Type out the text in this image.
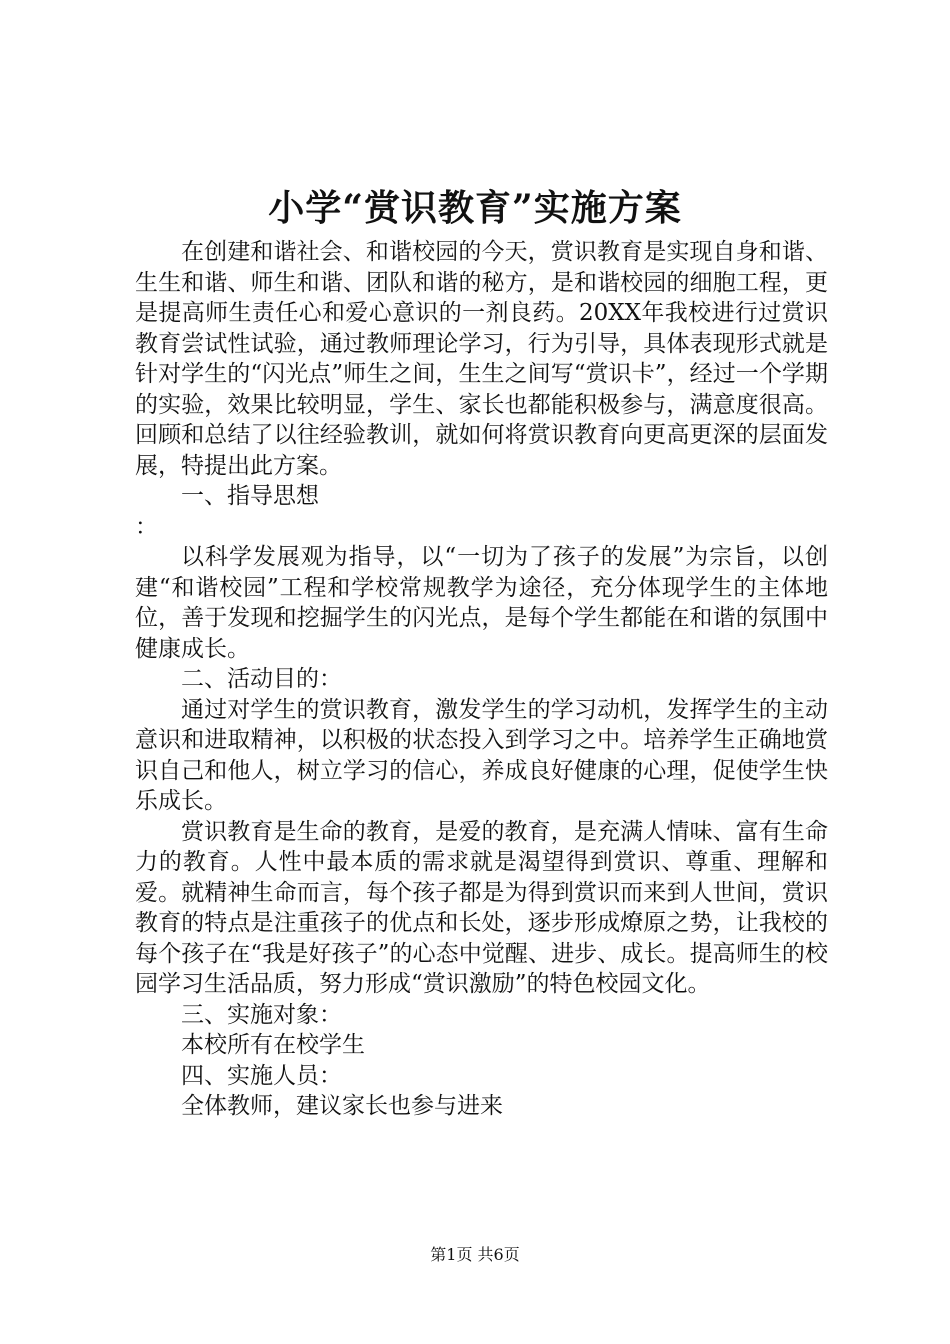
小学“赏识教育”实施方案

在创建和谐社会、和谐校园的今天，赏识教育是实现自身和谐、生生和谐、师生和谐、团队和谐的秘方，是和谐校园的细胞工程，更是提高师生责任心和爱心意识的一剂良药。20XX年我校进行过赏识教育尝试性试验，通过教师理论学习，行为引导，具体表现形式就是针对学生的“闪光点”师生之间，生生之间写“赏识卡”，经过一个学期的实验，效果比较明显，学生、家长也都能积极参与，满意度很高。回顾和总结了以往经验教训，就如何将赏识教育向更高更深的层面发展，特提出此方案。

一、指导思想

：

以科学发展观为指导，以“一切为了孩子的发展”为宗旨，以创建“和谐校园”工程和学校常规教学为途径，充分体现学生的主体地位，善于发现和挖掘学生的闪光点，是每个学生都能在和谐的氛围中健康成长。

二、活动目的：

通过对学生的赏识教育，激发学生的学习动机，发挥学生的主动意识和进取精神，以积极的状态投入到学习之中。培养学生正确地赏识自己和他人，树立学习的信心，养成良好健康的心理，促使学生快乐成长。

赏识教育是生命的教育，是爱的教育，是充满人情味、富有生命力的教育。人性中最本质的需求就是渴望得到赏识、尊重、理解和爱。就精神生命而言，每个孩子都是为得到赏识而来到人世间，赏识教育的特点是注重孩子的优点和长处，逐步形成燎原之势，让我校的每个孩子在“我是好孩子”的心态中觉醒、进步、成长。提高师生的校园学习生活品质，努力形成“赏识激励”的特色校园文化。

三、实施对象：

本校所有在校学生

四、实施人员：

全体教师，建议家长也参与进来

第1页 共6页
